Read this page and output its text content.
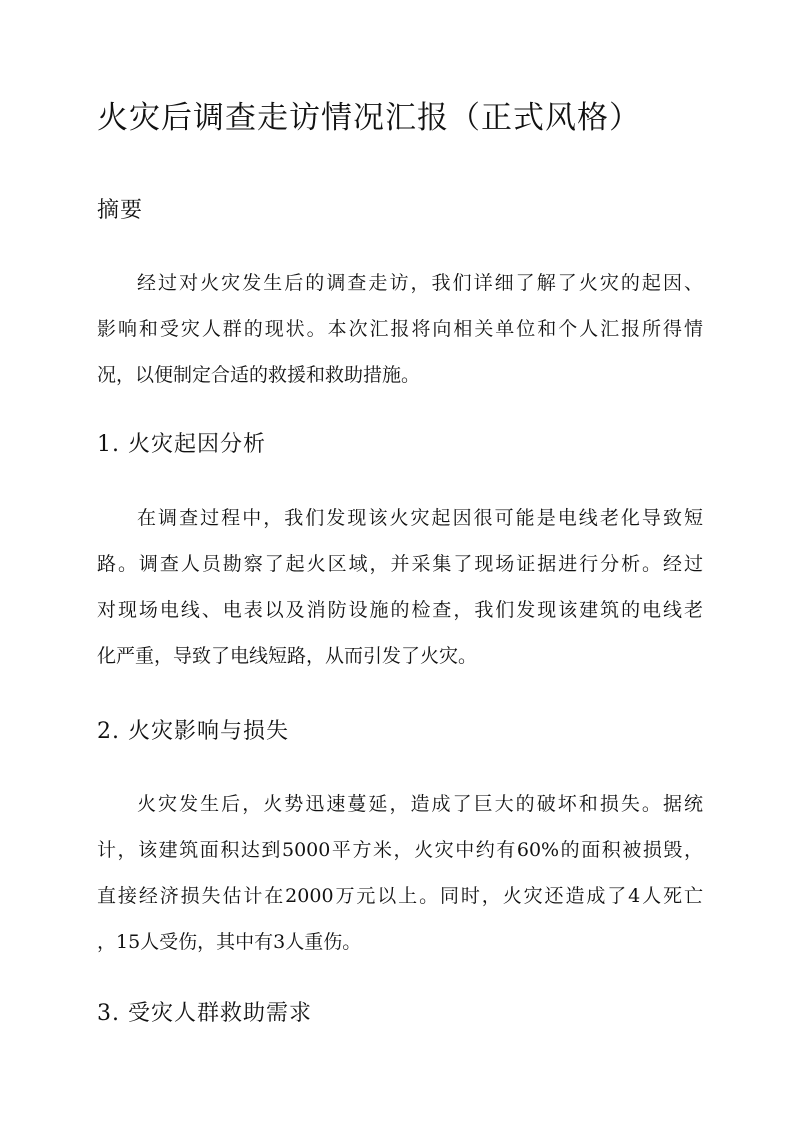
火灾后调查走访情况汇报（正式风格）
摘要

经过对火灾发生后的调查走访，我们详细了解了火灾的起因、
影响和受灾人群的现状。本次汇报将向相关单位和个人汇报所得情
况，以便制定合适的救援和救助措施。

1. 火灾起因分析

在调查过程中，我们发现该火灾起因很可能是电线老化导致短
路。调查人员勘察了起火区域，并采集了现场证据进行分析。经过
对现场电线、电表以及消防设施的检查，我们发现该建筑的电线老
化严重，导致了电线短路，从而引发了火灾。

2. 火灾影响与损失

火灾发生后，火势迅速蔓延，造成了巨大的破坏和损失。据统
计，该建筑面积达到5000平方米，火灾中约有60%的面积被损毁，
直接经济损失估计在2000万元以上。同时，火灾还造成了4人死亡
，15人受伤，其中有3人重伤。

3. 受灾人群救助需求
